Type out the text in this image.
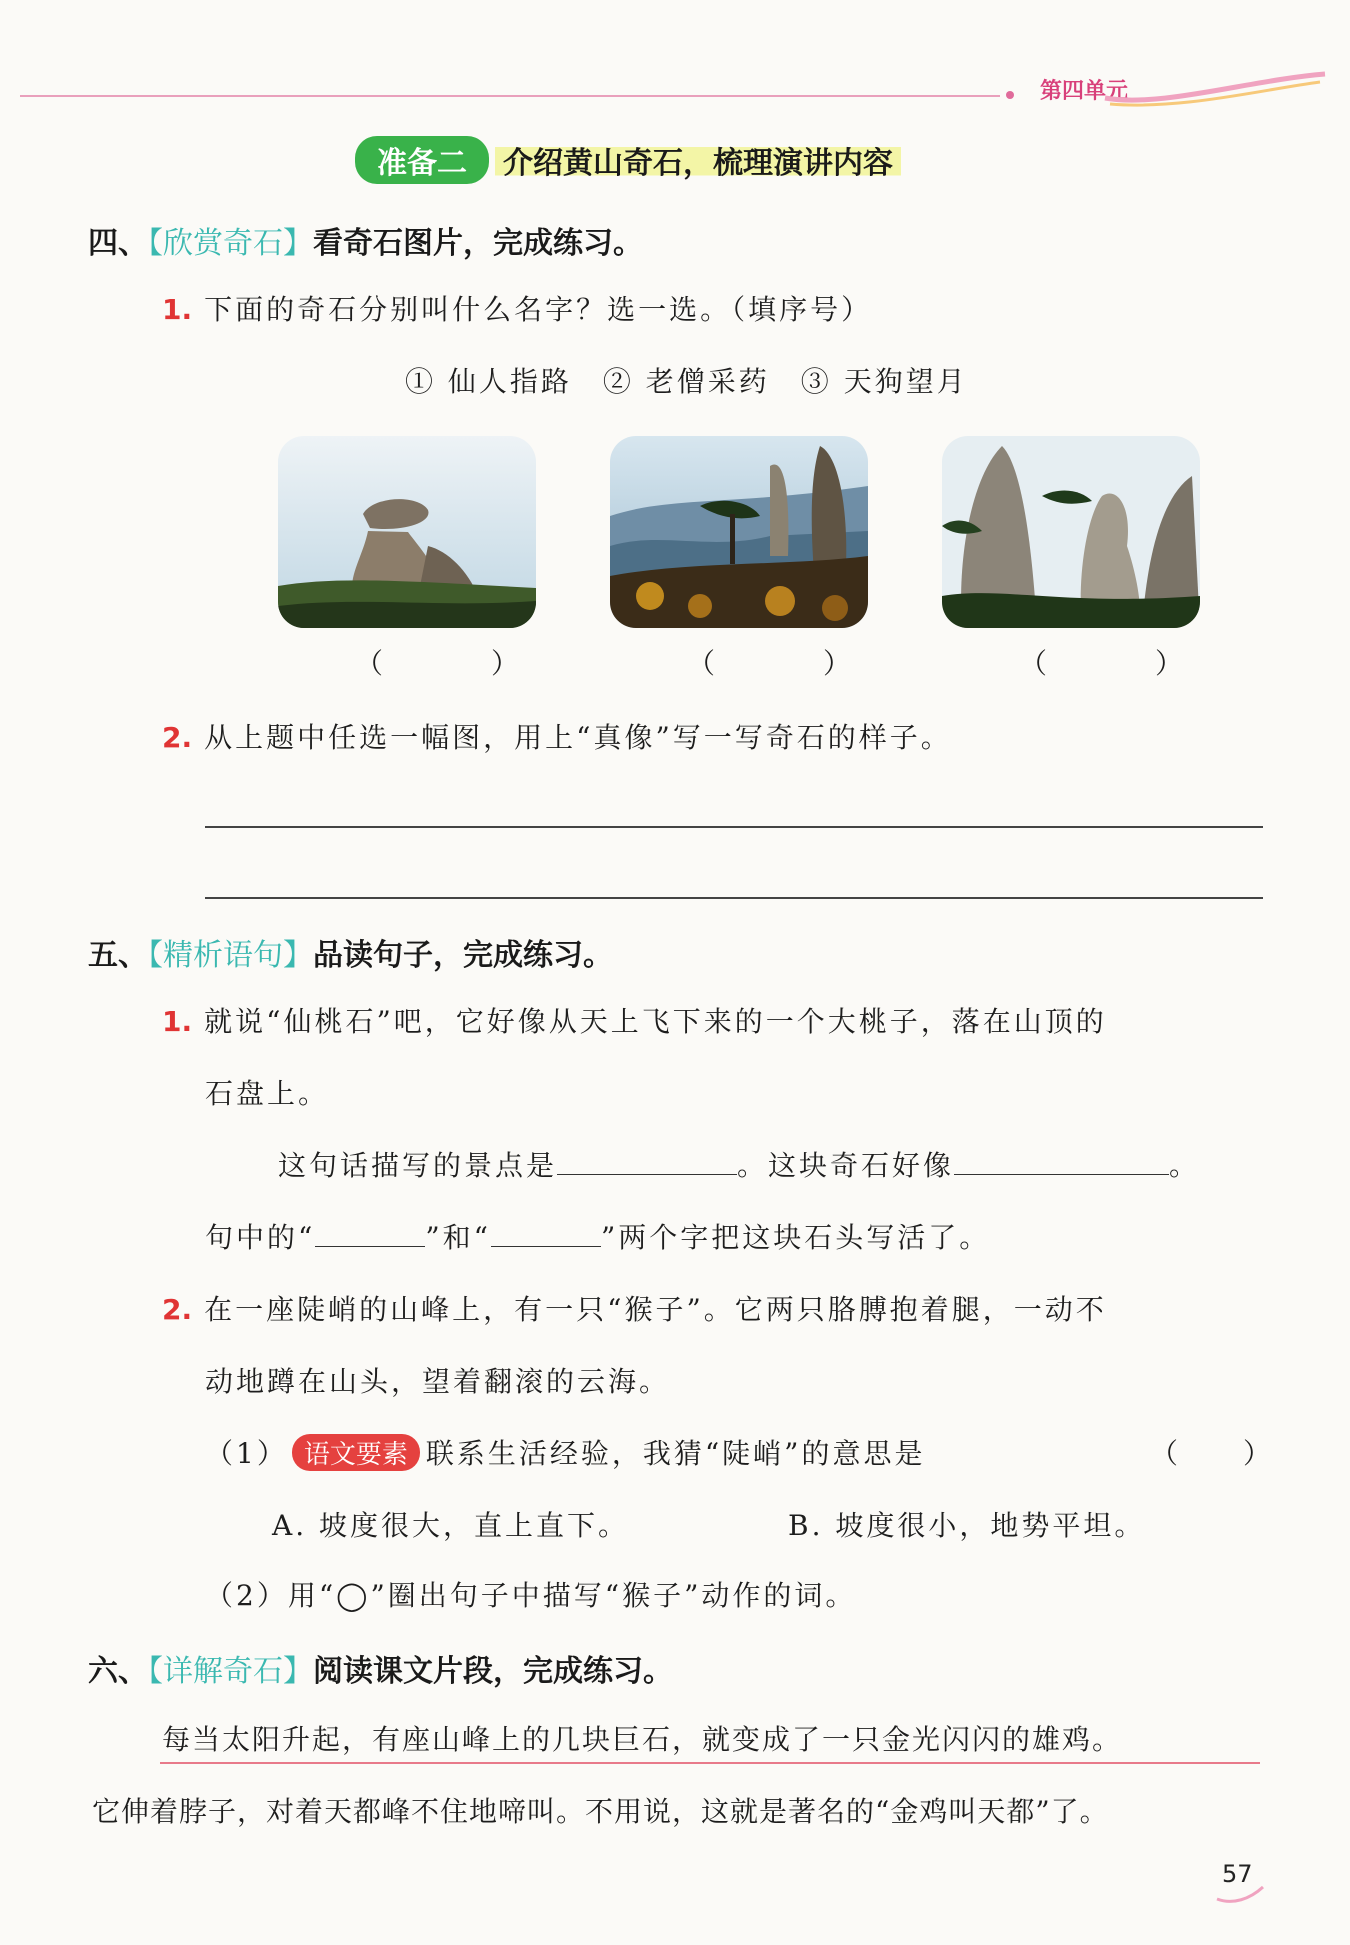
第四单元
准备二	介绍黄山奇石，梳理演讲内容
四、【欣赏奇石】看奇石图片，完成练习。
1. 下面的奇石分别叫什么名字？选一选。（填序号）
① 仙人指路　② 老僧采药　③ 天狗望月
（　）	（　）	（　）
2. 从上题中任选一幅图，用上“真像”写一写奇石的样子。
五、【精析语句】品读句子，完成练习。
1. 就说“仙桃石”吧，它好像从天上飞下来的一个大桃子，落在山顶的
石盘上。
这句话描写的景点是	。这块奇石好像	。
句中的“	”和“	”两个字把这块石头写活了。
2. 在一座陡峭的山峰上，有一只“猴子”。它两只胳膊抱着腿，一动不
动地蹲在山头，望着翻滚的云海。
（1） 语文要素 联系生活经验，我猜“陡峭”的意思是	（　　）
A. 坡度很大，直上直下。	B. 坡度很小，地势平坦。
（2）用“◯”圈出句子中描写“猴子”动作的词。
六、【详解奇石】阅读课文片段，完成练习。
每当太阳升起，有座山峰上的几块巨石，就变成了一只金光闪闪的雄鸡。
它伸着脖子，对着天都峰不住地啼叫。不用说，这就是著名的“金鸡叫天都”了。
57
